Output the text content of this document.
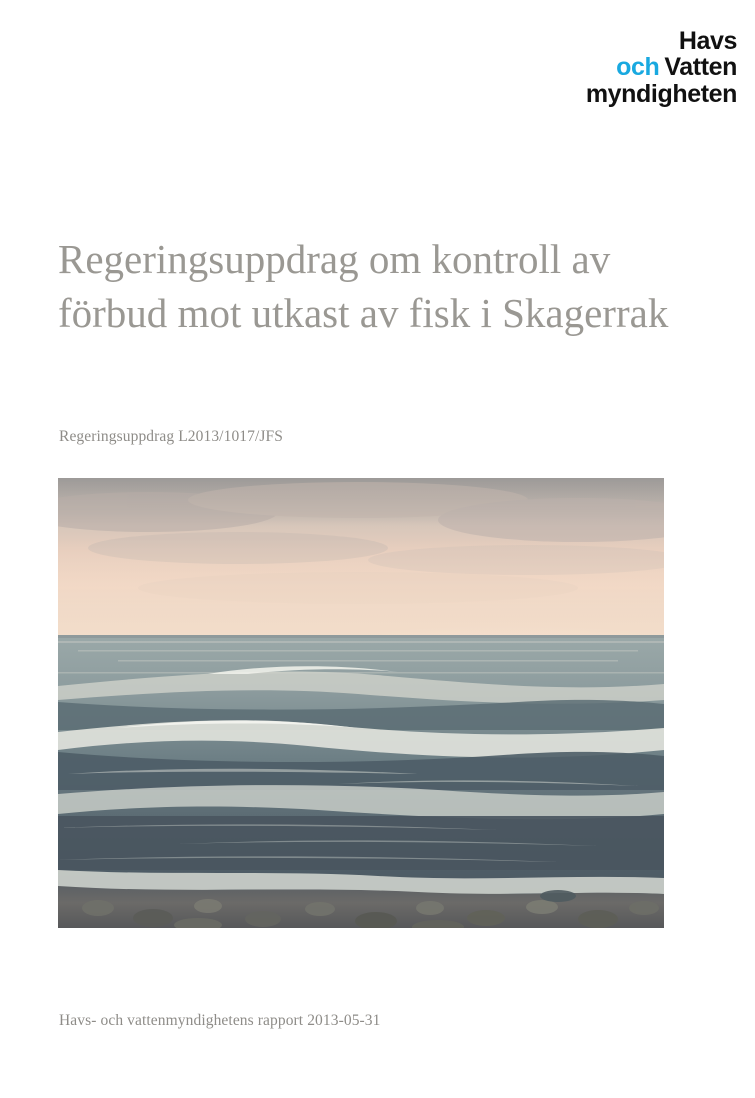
Havs
och Vatten
myndigheten
Regeringsuppdrag om kontroll av förbud mot utkast av fisk i Skagerrak
Regeringsuppdrag L2013/1017/JFS
Havs- och vattenmyndighetens rapport 2013-05-31
